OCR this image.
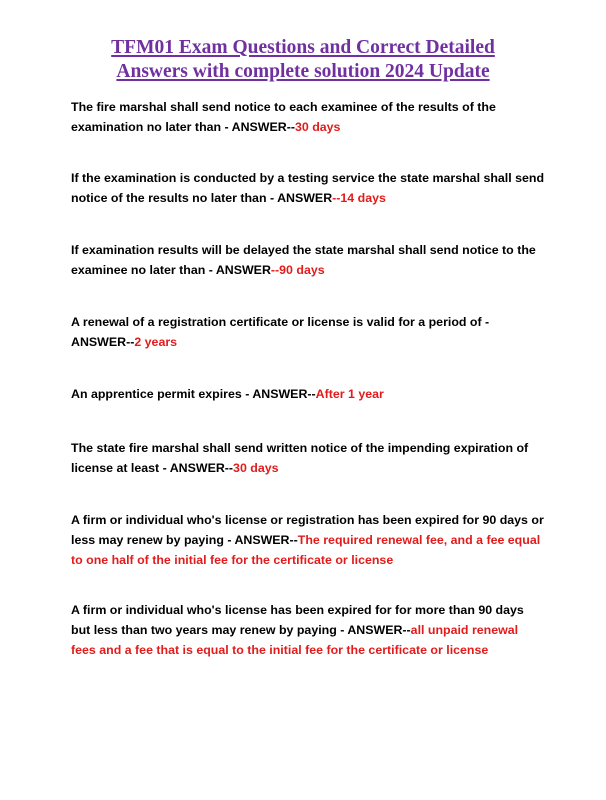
TFM01 Exam Questions and Correct Detailed
Answers with complete solution 2024 Update

The fire marshal shall send notice to each examinee of the results of the
examination no later than - ANSWER--30 days

If the examination is conducted by a testing service the state marshal shall send
notice of the results no later than - ANSWER--14 days

If examination results will be delayed the state marshal shall send notice to the
examinee no later than - ANSWER--90 days

A renewal of a registration certificate or license is valid for a period of -
ANSWER--2 years

An apprentice permit expires - ANSWER--After 1 year

The state fire marshal shall send written notice of the impending expiration of
license at least - ANSWER--30 days

A firm or individual who's license or registration has been expired for 90 days or
less may renew by paying - ANSWER--The required renewal fee, and a fee equal
to one half of the initial fee for the certificate or license

A firm or individual who's license has been expired for for more than 90 days
but less than two years may renew by paying - ANSWER--all unpaid renewal
fees and a fee that is equal to the initial fee for the certificate or license
